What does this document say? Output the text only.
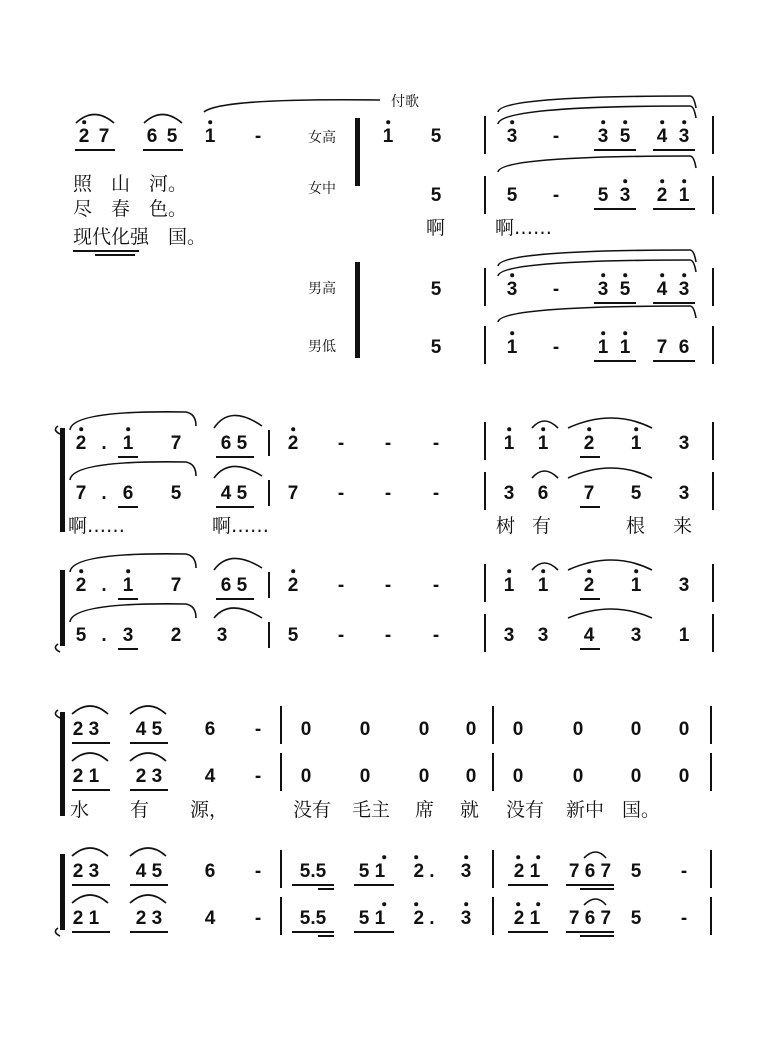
2 7 6 5 1 -
照　山　河。
尽　春　色。
现代化强　国。
女高
女中
男高
男低
付歌
1 5
5
啊
5
5
3 - 3 5 4 3
5 - 5 3 2 1
啊……
3 - 3 5 4 3
1 - 1 1 7 6
2 . 1 7 6 5 2 - - -	1 1 2 1 3
7 . 6 5 4 5 7 - - -	3 6 7 5 3
啊……	啊……	树 有	根 来
2 . 1 7 6 5 2 - - -	1 1 2 1 3
5 . 3 2 3	5 - - -	3 3 4 3 1
2 3 4 5 6 - 0	0	0 0 0	0 0 0
2 1 2 3 4 - 0	0	0 0 0	0 0 0
水 有 源，	没有 毛主 席 就 没有 新中 国。
2 3 4 5 6 - 5.5 5 1 2 . 3 2 1 7 6 7 5 -
2 1 2 3 4 - 5.5 5 1 2 . 3 2 1 7 6 7 5 -
